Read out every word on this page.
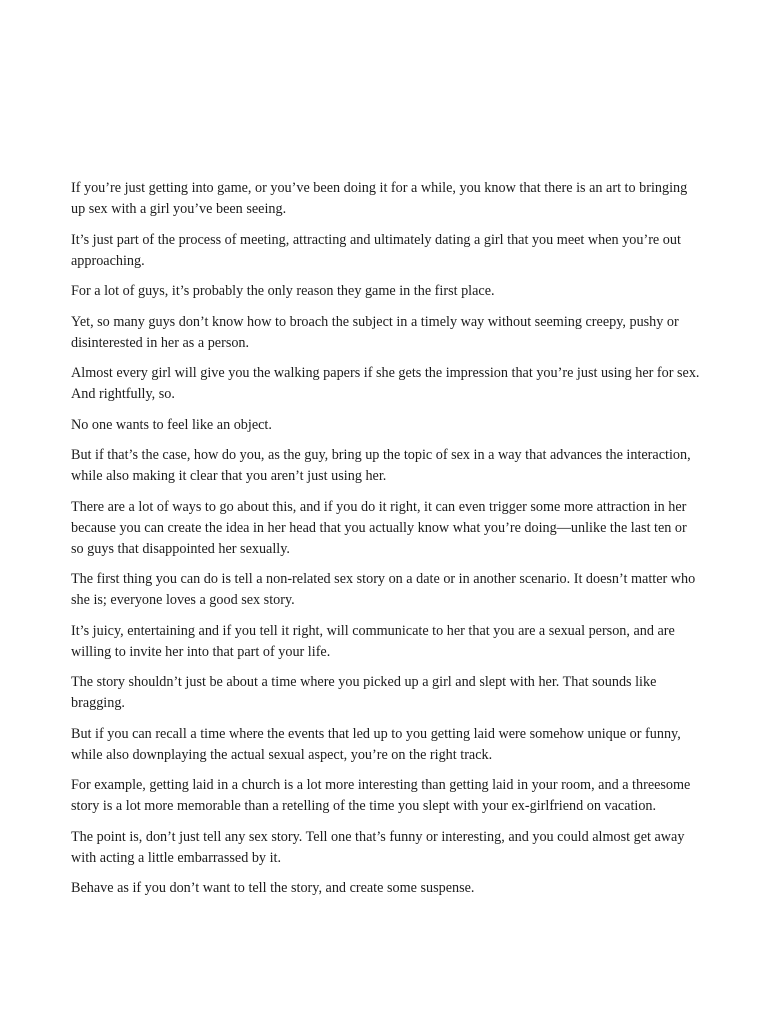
If you’re just getting into game, or you’ve been doing it for a while, you know that there is an art to bringing up sex with a girl you’ve been seeing.

It’s just part of the process of meeting, attracting and ultimately dating a girl that you meet when you’re out approaching.

For a lot of guys, it’s probably the only reason they game in the first place.

Yet, so many guys don’t know how to broach the subject in a timely way without seeming creepy, pushy or disinterested in her as a person.

Almost every girl will give you the walking papers if she gets the impression that you’re just using her for sex. And rightfully, so.

No one wants to feel like an object.

But if that’s the case, how do you, as the guy, bring up the topic of sex in a way that advances the interaction, while also making it clear that you aren’t just using her.

There are a lot of ways to go about this, and if you do it right, it can even trigger some more attraction in her because you can create the idea in her head that you actually know what you’re doing—unlike the last ten or so guys that disappointed her sexually.

The first thing you can do is tell a non-related sex story on a date or in another scenario. It doesn’t matter who she is; everyone loves a good sex story.

It’s juicy, entertaining and if you tell it right, will communicate to her that you are a sexual person, and are willing to invite her into that part of your life.

The story shouldn’t just be about a time where you picked up a girl and slept with her. That sounds like bragging.

But if you can recall a time where the events that led up to you getting laid were somehow unique or funny, while also downplaying the actual sexual aspect, you’re on the right track.

For example, getting laid in a church is a lot more interesting than getting laid in your room, and a threesome story is a lot more memorable than a retelling of the time you slept with your ex-girlfriend on vacation.

The point is, don’t just tell any sex story. Tell one that’s funny or interesting, and you could almost get away with acting a little embarrassed by it.

Behave as if you don’t want to tell the story, and create some suspense.
